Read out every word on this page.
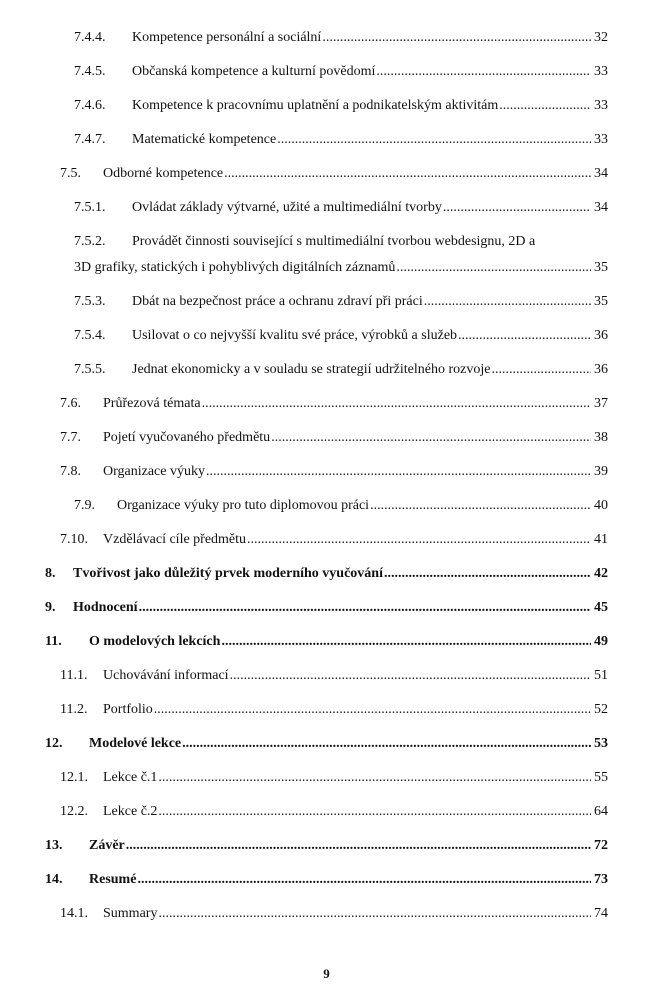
7.4.4. Kompetence personální a sociální .....	32
7.4.5. Občanská kompetence a kulturní povědomí .....	33
7.4.6. Kompetence k pracovnímu uplatnění a podnikatelským aktivitám .....	33
7.4.7. Matematické kompetence .....	33
7.5. Odborné kompetence .....	34
7.5.1. Ovládat základy výtvarné, užité a multimediální tvorby .....	34
7.5.2. Provádět činnosti související s multimediální tvorbou webdesignu, 2D a
3D grafiky, statických i pohyblivých digitálních záznamů .....	35
7.5.3. Dbát na bezpečnost práce a ochranu zdraví při práci .....	35
7.5.4. Usilovat o co nejvyšší kvalitu své práce, výrobků a služeb .....	36
7.5.5. Jednat ekonomicky a v souladu se strategií udržitelného rozvoje .....	36
7.6. Průřezová témata .....	37
7.7. Pojetí vyučovaného předmětu .....	38
7.8. Organizace výuky .....	39
7.9. Organizace výuky pro tuto diplomovou práci .....	40
7.10. Vzdělávací cíle předmětu .....	41
8. Tvořivost jako důležitý prvek moderního vyučování .....	42
9. Hodnocení .....	45
11. O modelových lekcích .....	49
11.1. Uchovávání informací .....	51
11.2. Portfolio .....	52
12. Modelové lekce .....	53
12.1. Lekce č.1 .....	55
12.2. Lekce č.2 .....	64
13. Závěr .....	72
14. Resumé .....	73
14.1. Summary .....	74
9
